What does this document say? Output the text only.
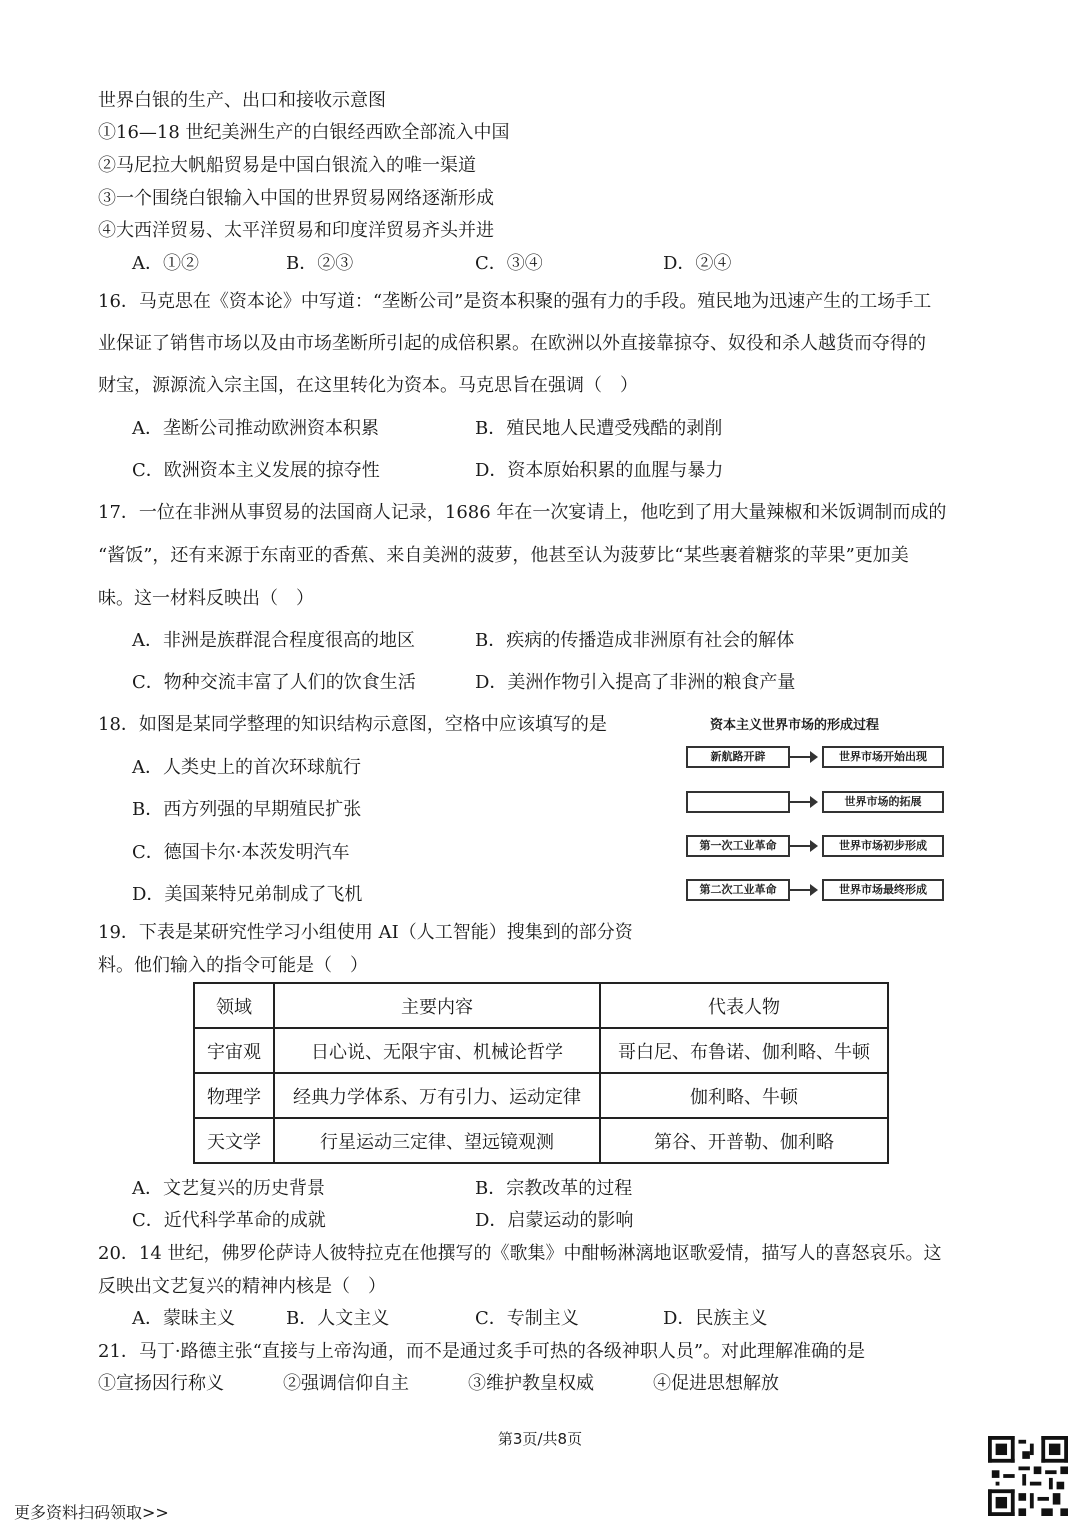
世界白银的生产、出口和接收示意图
①16—18 世纪美洲生产的白银经西欧全部流入中国
②马尼拉大帆船贸易是中国白银流入的唯一渠道
③一个围绕白银输入中国的世界贸易网络逐渐形成
④大西洋贸易、太平洋贸易和印度洋贸易齐头并进
A．①②	B．②③	C．③④	D．②④
16．马克思在《资本论》中写道：“垄断公司”是资本积聚的强有力的手段。殖民地为迅速产生的工场手工
业保证了销售市场以及由市场垄断所引起的成倍积累。在欧洲以外直接靠掠夺、奴役和杀人越货而夺得的
财宝，源源流入宗主国，在这里转化为资本。马克思旨在强调（　）
A．垄断公司推动欧洲资本积累	B．殖民地人民遭受残酷的剥削
C．欧洲资本主义发展的掠夺性	D．资本原始积累的血腥与暴力
17．一位在非洲从事贸易的法国商人记录，1686 年在一次宴请上，他吃到了用大量辣椒和米饭调制而成的
“酱饭”，还有来源于东南亚的香蕉、来自美洲的菠萝，他甚至认为菠萝比“某些裹着糖浆的苹果”更加美
味。这一材料反映出（　）
A．非洲是族群混合程度很高的地区	B．疾病的传播造成非洲原有社会的解体
C．物种交流丰富了人们的饮食生活	D．美洲作物引入提高了非洲的粮食产量
18．如图是某同学整理的知识结构示意图，空格中应该填写的是
A．人类史上的首次环球航行
B．西方列强的早期殖民扩张
C．德国卡尔·本茨发明汽车
D．美国莱特兄弟制成了飞机
资本主义世界市场的形成过程
新航路开辟	世界市场开始出现
世界市场的拓展
第一次工业革命	世界市场初步形成
第二次工业革命	世界市场最终形成
19．下表是某研究性学习小组使用 AI（人工智能）搜集到的部分资
料。他们输入的指令可能是（　）
领域	主要内容	代表人物
宇宙观	日心说、无限宇宙、机械论哲学	哥白尼、布鲁诺、伽利略、牛顿
物理学	经典力学体系、万有引力、运动定律	伽利略、牛顿
天文学	行星运动三定律、望远镜观测	第谷、开普勒、伽利略
A．文艺复兴的历史背景	B．宗教改革的过程
C．近代科学革命的成就	D．启蒙运动的影响
20．14 世纪，佛罗伦萨诗人彼特拉克在他撰写的《歌集》中酣畅淋漓地讴歌爱情，描写人的喜怒哀乐。这
反映出文艺复兴的精神内核是（　）
A．蒙昧主义	B．人文主义	C．专制主义	D．民族主义
21．马丁·路德主张“直接与上帝沟通，而不是通过炙手可热的各级神职人员”。对此理解准确的是
①宣扬因行称义	②强调信仰自主	③维护教皇权威	④促进思想解放
第3页/共8页
更多资料扫码领取>>
